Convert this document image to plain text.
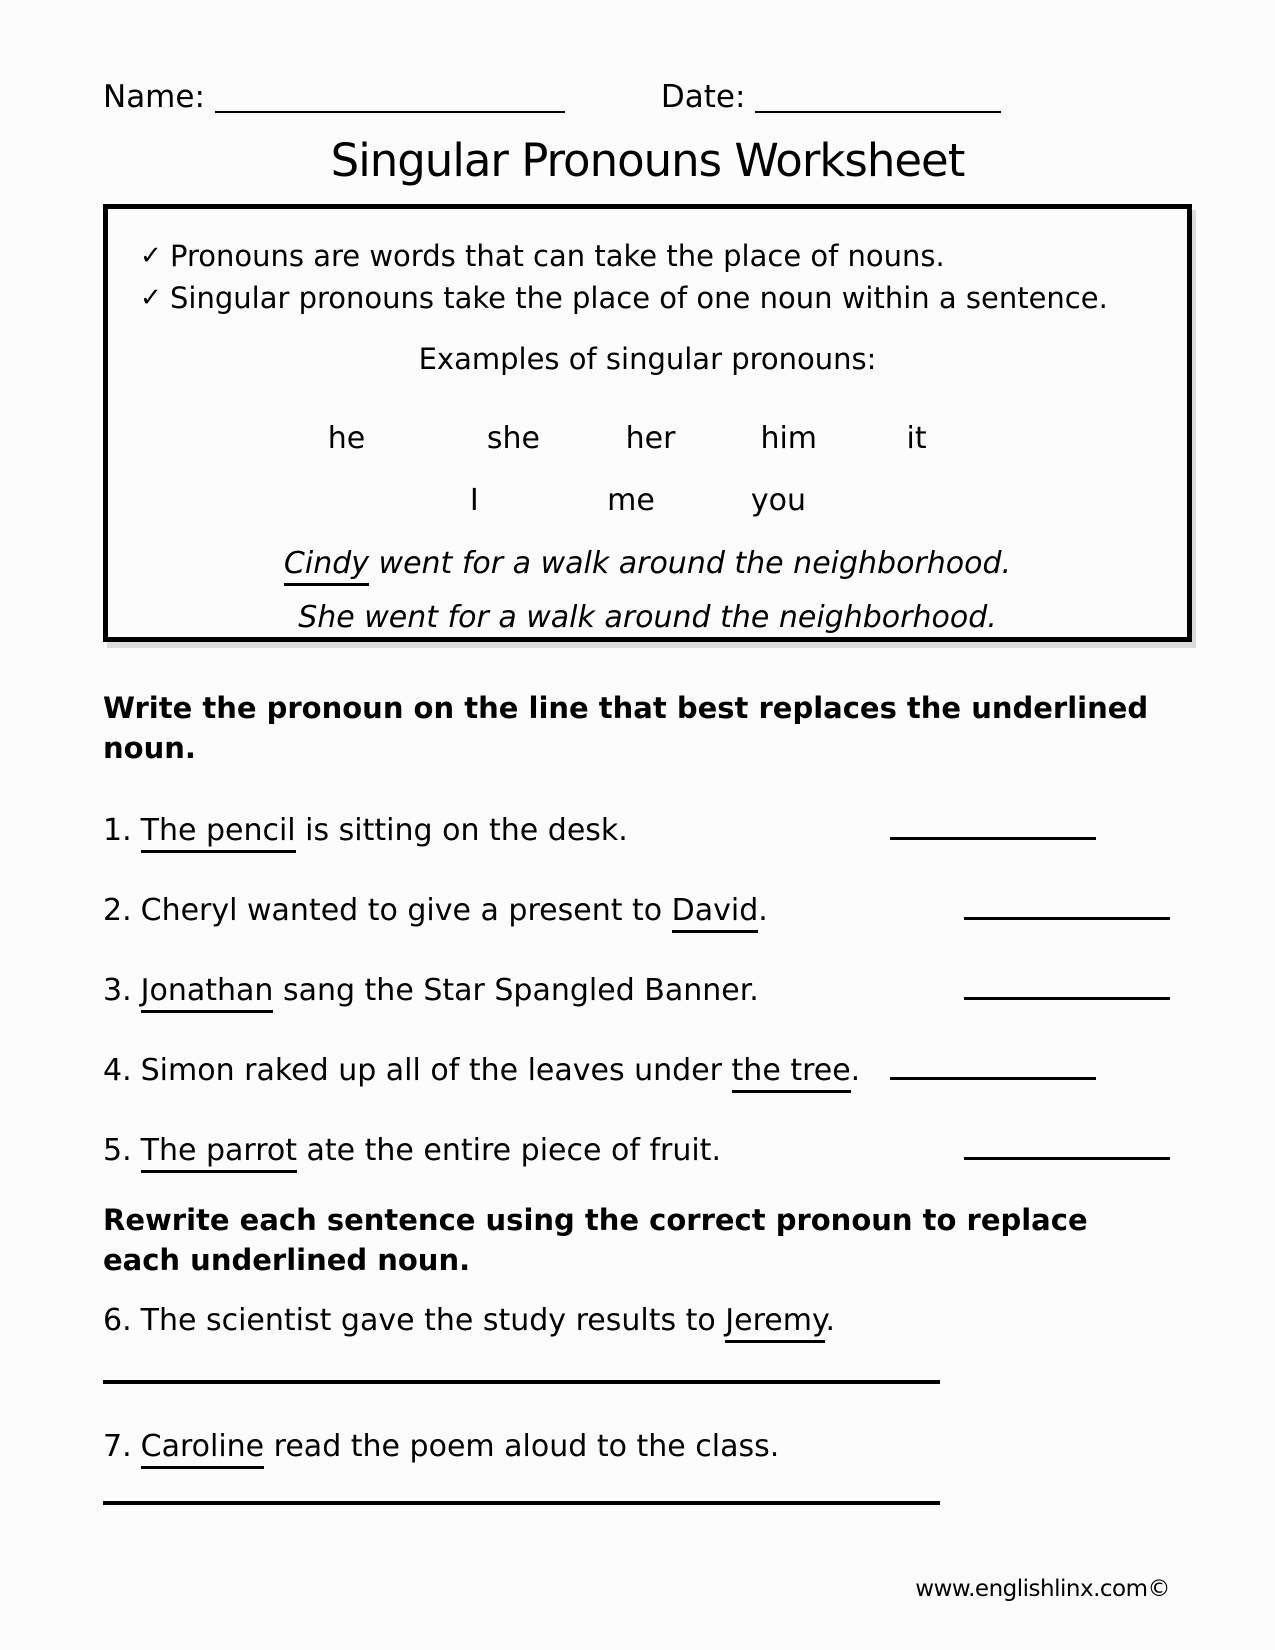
Name:	Date:
Singular Pronouns Worksheet
✓ Pronouns are words that can take the place of nouns.
✓ Singular pronouns take the place of one noun within a sentence.
Examples of singular pronouns:
he	she	her	him	it
I	me	you
Cindy went for a walk around the neighborhood.
She went for a walk around the neighborhood.
Write the pronoun on the line that best replaces the underlined noun.
1. The pencil is sitting on the desk.
2. Cheryl wanted to give a present to David.
3. Jonathan sang the Star Spangled Banner.
4. Simon raked up all of the leaves under the tree.
5. The parrot ate the entire piece of fruit.
Rewrite each sentence using the correct pronoun to replace each underlined noun.
6. The scientist gave the study results to Jeremy.
7. Caroline read the poem aloud to the class.
www.englishlinx.com©
